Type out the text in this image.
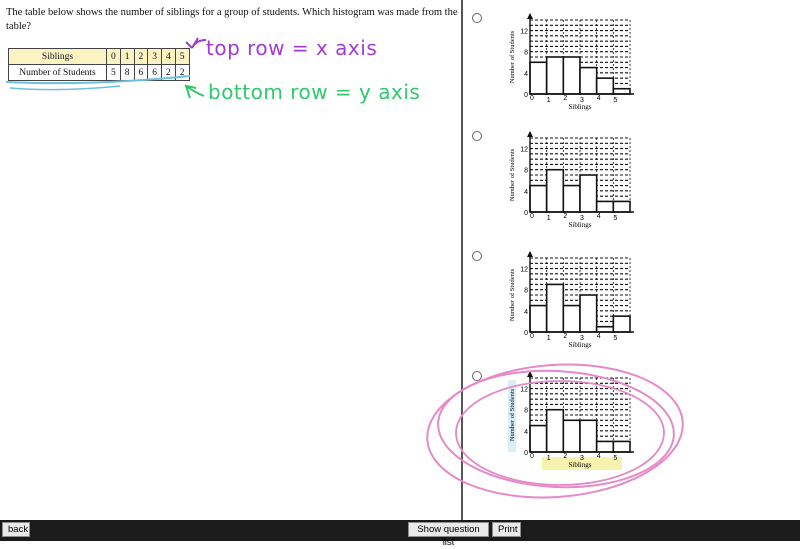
The table below shows the number of siblings for a group of students. Which histogram was made from the table?
Siblings	0	1	2	3	4	5
Number of Students	5	8	6	6	2	2
top row = x axis
bottom row = y axis	0
4
8
12
0 1 2 3 4 5
Siblings
Number of Students
0
4
8
12
0 1 2 3 4 5
Siblings
Number of Students
0
4
8
12
0 1 2 3 4 5
Siblings
Number of Students
0
4
8
12
0 1 2 3 4 5
Siblings
Number of Students
back	Show question list
Print
